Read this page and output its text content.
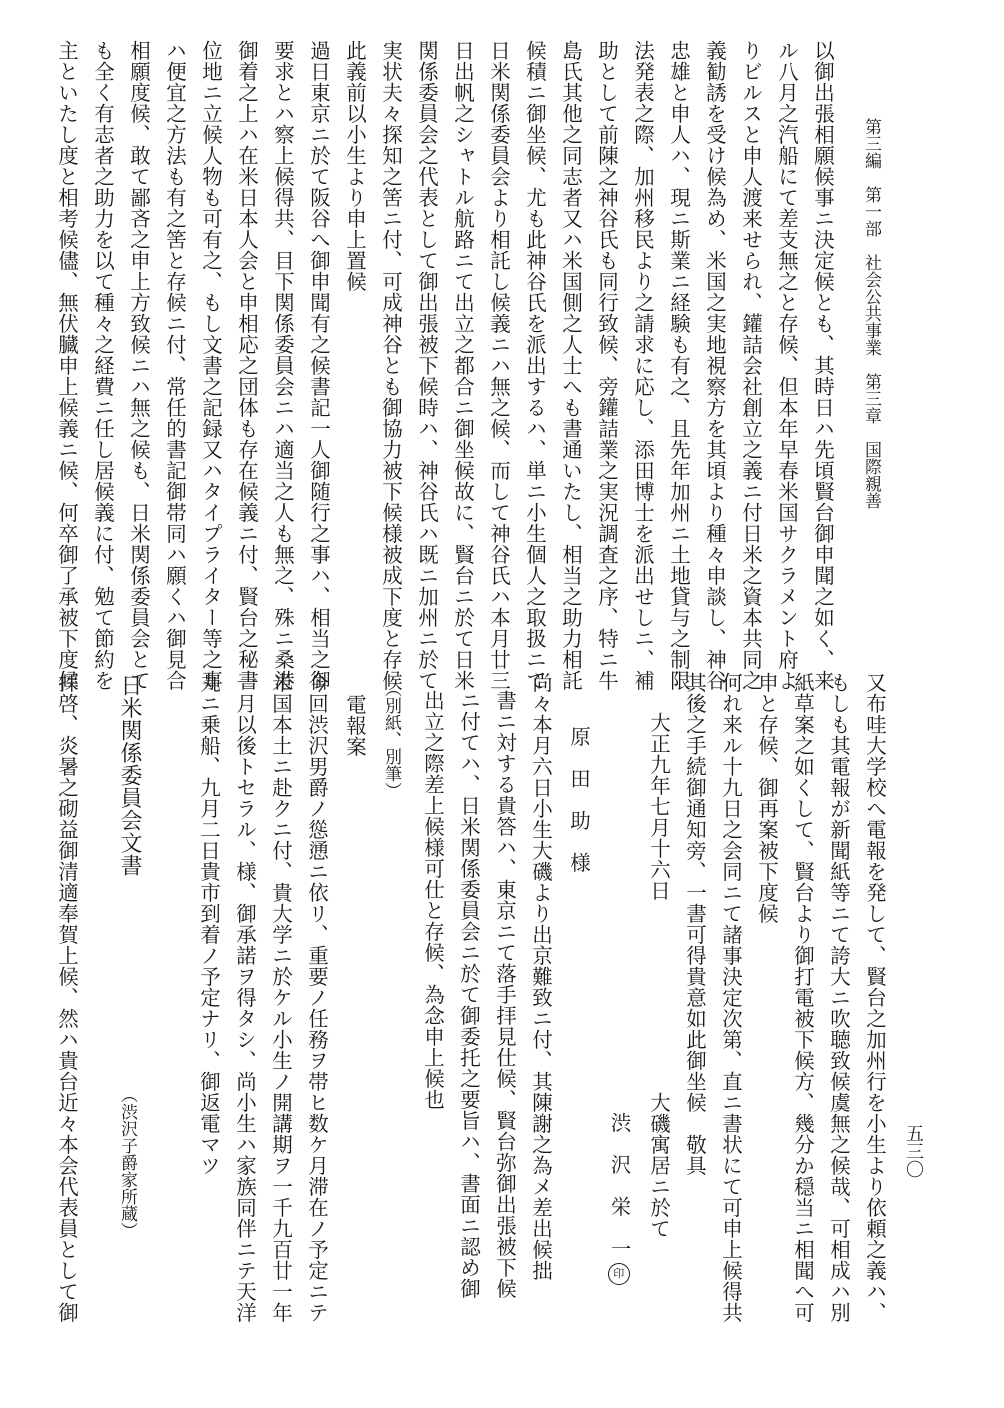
第三編　第一部　社会公共事業　第三章　国際親善
五三〇
以御出張相願候事ニ決定候とも、其時日ハ先頃賢台御申聞之如く、来
ル八月之汽船にて差支無之と存候、但本年早春米国サクラメント府よ
りビルスと申人渡来せられ、鑵詰会社創立之義ニ付日米之資本共同之
義勧誘を受け候為め、米国之実地視察方を其頃より種々申談し、神谷
忠雄と申人ハ、現ニ斯業ニ経験も有之、且先年加州ニ土地貸与之制限
法発表之際、加州移民より之請求に応し、添田博士を派出せしニ、補
助として前陳之神谷氏も同行致候、旁鑵詰業之実況調査之序、特ニ牛
島氏其他之同志者又ハ米国側之人士へも書通いたし、相当之助力相託
候積ニ御坐候、尤も此神谷氏を派出するハ、単ニ小生個人之取扱ニて
日米関係委員会より相託し候義ニハ無之候、而して神谷氏ハ本月廿三
日出帆之シャトル航路ニて出立之都合ニ御坐候故に、賢台ニ於て日米
関係委員会之代表として御出張被下候時ハ、神谷氏ハ既ニ加州ニ於て
実状夫々探知之筈ニ付、可成神谷とも御協力被下候様被成下度と存候
此義前以小生より申上置候
過日東京ニ於て阪谷へ御申聞有之候書記一人御随行之事ハ、相当之御
要求とハ察上候得共、目下関係委員会ニハ適当之人も無之、殊ニ桑港
御着之上ハ在米日本人会と申相応之団体も存在候義ニ付、賢台之秘書
位地ニ立候人物も可有之、もし文書之記録又ハタイプライター等之事
ハ便宜之方法も有之筈と存候ニ付、常任的書記御帯同ハ願くハ御見合
相願度候、敢て鄙吝之申上方致候ニハ無之候も、日米関係委員会とて
も全く有志者之助力を以て種々之経費ニ任し居候義に付、勉て節約を
主といたし度と相考候儘、無伏臓申上候義ニ候、何卒御了承被下度候
又布哇大学校へ電報を発して、賢台之加州行を小生より依頼之義ハ、
もしも其電報が新聞紙等ニて誇大ニ吹聴致候虞無之候哉、可相成ハ別
紙草案之如くして、賢台より御打電被下候方、幾分か穏当ニ相聞へ可
申と存候、御再案被下度候
何れ来ル十九日之会同ニて諸事決定次第、直ニ書状にて可申上候得共
其後之手続御通知旁、一書可得貴意如此御坐候　敬具
大正九年七月十六日
大磯寓居ニ於て
渋　沢　栄　一印
原　田　助　様
尚々本月六日小生大磯より出京難致ニ付、其陳謝之為メ差出候拙
書ニ対する貴答ハ、東京ニて落手拝見仕候、賢台弥御出張被下候
ニ付てハ、日米関係委員会ニ於て御委托之要旨ハ、書面ニ認め御
出立之際差上候様可仕と存候、為念申上候也
（別紙、別筆）
電報案
今回渋沢男爵ノ慫慂ニ依リ、重要ノ任務ヲ帯ヒ数ケ月滞在ノ予定ニテ
米国本土ニ赴クニ付、貴大学ニ於ケル小生ノ開講期ヲ一千九百廿一年
一月以後トセラル、様、御承諾ヲ得タシ、尚小生ハ家族同伴ニテ天洋
丸ニ乗船、九月二日貴市到着ノ予定ナリ、御返電マツ
日米関係委員会文書
（渋沢子爵家所蔵）
拝啓、炎暑之砌益御清適奉賀上候、然ハ貴台近々本会代表員として御
